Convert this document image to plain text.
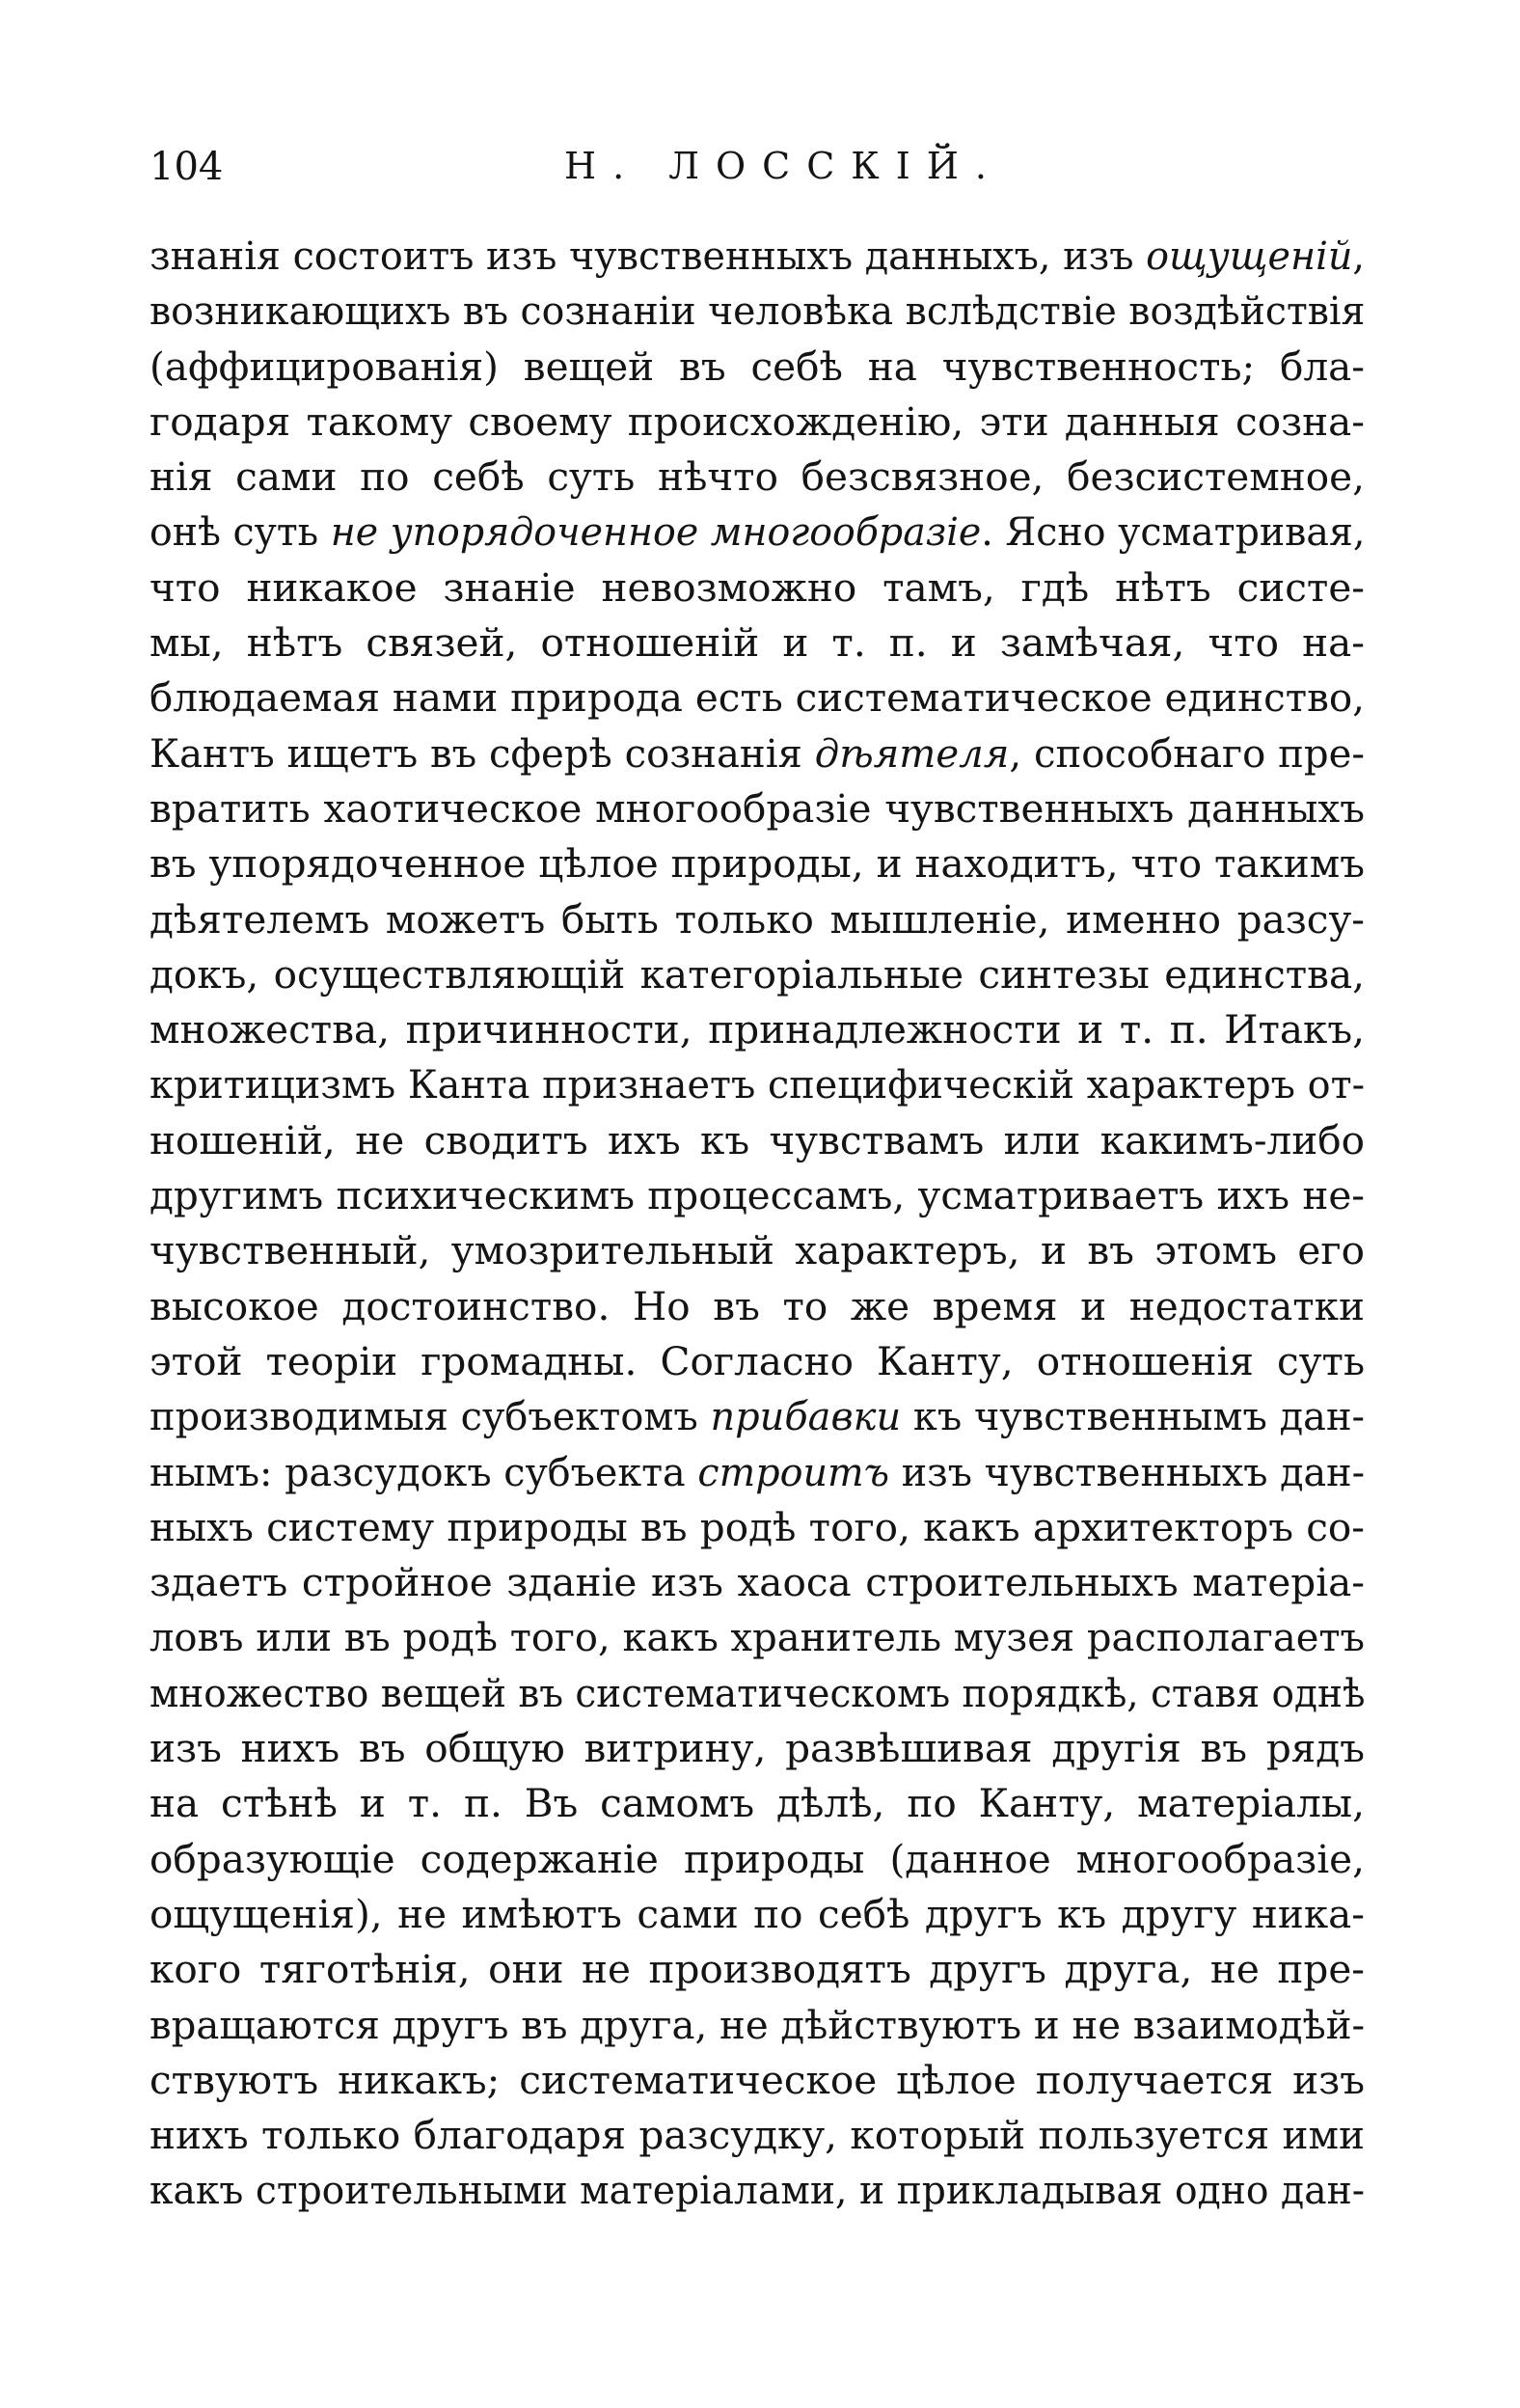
104	Н. ЛОССКІЙ.
знанія состоитъ изъ чувственныхъ данныхъ, изъ ощущеній,
возникающихъ въ сознаніи человѣка вслѣдствіе воздѣйствія
(аффицированія) вещей въ себѣ на чувственность; бла-
годаря такому своему происхожденію, эти данныя созна-
нія сами по себѣ суть нѣчто безсвязное, безсистемное,
онѣ суть не упорядоченное многообразіе. Ясно усматривая,
что никакое знаніе невозможно тамъ, гдѣ нѣтъ систе-
мы, нѣтъ связей, отношеній и т. п. и замѣчая, что на-
блюдаемая нами природа есть систематическое единство,
Кантъ ищетъ въ сферѣ сознанія дѣятеля, способнаго пре-
вратить хаотическое многообразіе чувственныхъ данныхъ
въ упорядоченное цѣлое природы, и находитъ, что такимъ
дѣятелемъ можетъ быть только мышленіе, именно разсу-
докъ, осуществляющій категоріальные синтезы единства,
множества, причинности, принадлежности и т. п. Итакъ,
критицизмъ Канта признаетъ специфическій характеръ от-
ношеній, не сводитъ ихъ къ чувствамъ или какимъ-либо
другимъ психическимъ процессамъ, усматриваетъ ихъ не-
чувственный, умозрительный характеръ, и въ этомъ его
высокое достоинство. Но въ то же время и недостатки
этой теоріи громадны. Согласно Канту, отношенія суть
производимыя субъектомъ прибавки къ чувственнымъ дан-
нымъ: разсудокъ субъекта строитъ изъ чувственныхъ дан-
ныхъ систему природы въ родѣ того, какъ архитекторъ со-
здаетъ стройное зданіе изъ хаоса строительныхъ матеріа-
ловъ или въ родѣ того, какъ хранитель музея располагаетъ
множество вещей въ систематическомъ порядкѣ, ставя однѣ
изъ нихъ въ общую витрину, развѣшивая другія въ рядъ
на стѣнѣ и т. п. Въ самомъ дѣлѣ, по Канту, матеріалы,
образующіе содержаніе природы (данное многообразіе,
ощущенія), не имѣютъ сами по себѣ другъ къ другу ника-
кого тяготѣнія, они не производятъ другъ друга, не пре-
вращаются другъ въ друга, не дѣйствуютъ и не взаимодѣй-
ствуютъ никакъ; систематическое цѣлое получается изъ
нихъ только благодаря разсудку, который пользуется ими
какъ строительными матеріалами, и прикладывая одно дан-
